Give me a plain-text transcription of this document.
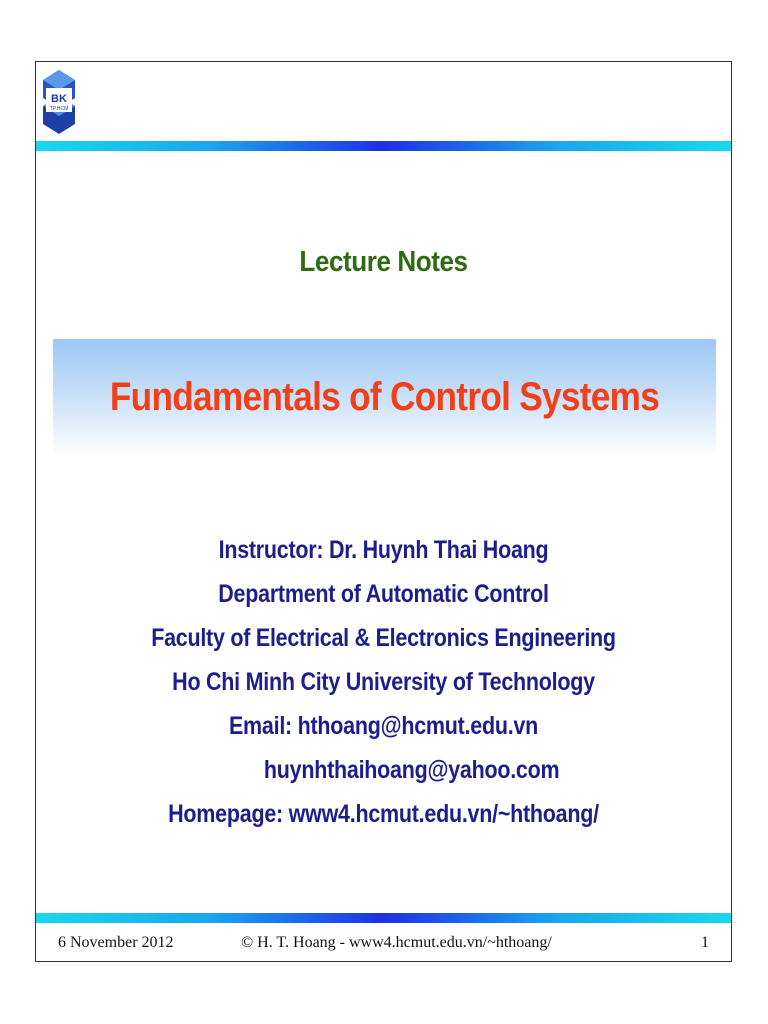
BK
TP.HCM
Lecture Notes
Fundamentals of Control Systems
Instructor: Dr. Huynh Thai Hoang
Department of Automatic Control
Faculty of Electrical & Electronics Engineering
Ho Chi Minh City University of Technology
Email: hthoang@hcmut.edu.vn
huynhthaihoang@yahoo.com
Homepage: www4.hcmut.edu.vn/~hthoang/
6 November 2012	© H. T. Hoang - www4.hcmut.edu.vn/~hthoang/	1
